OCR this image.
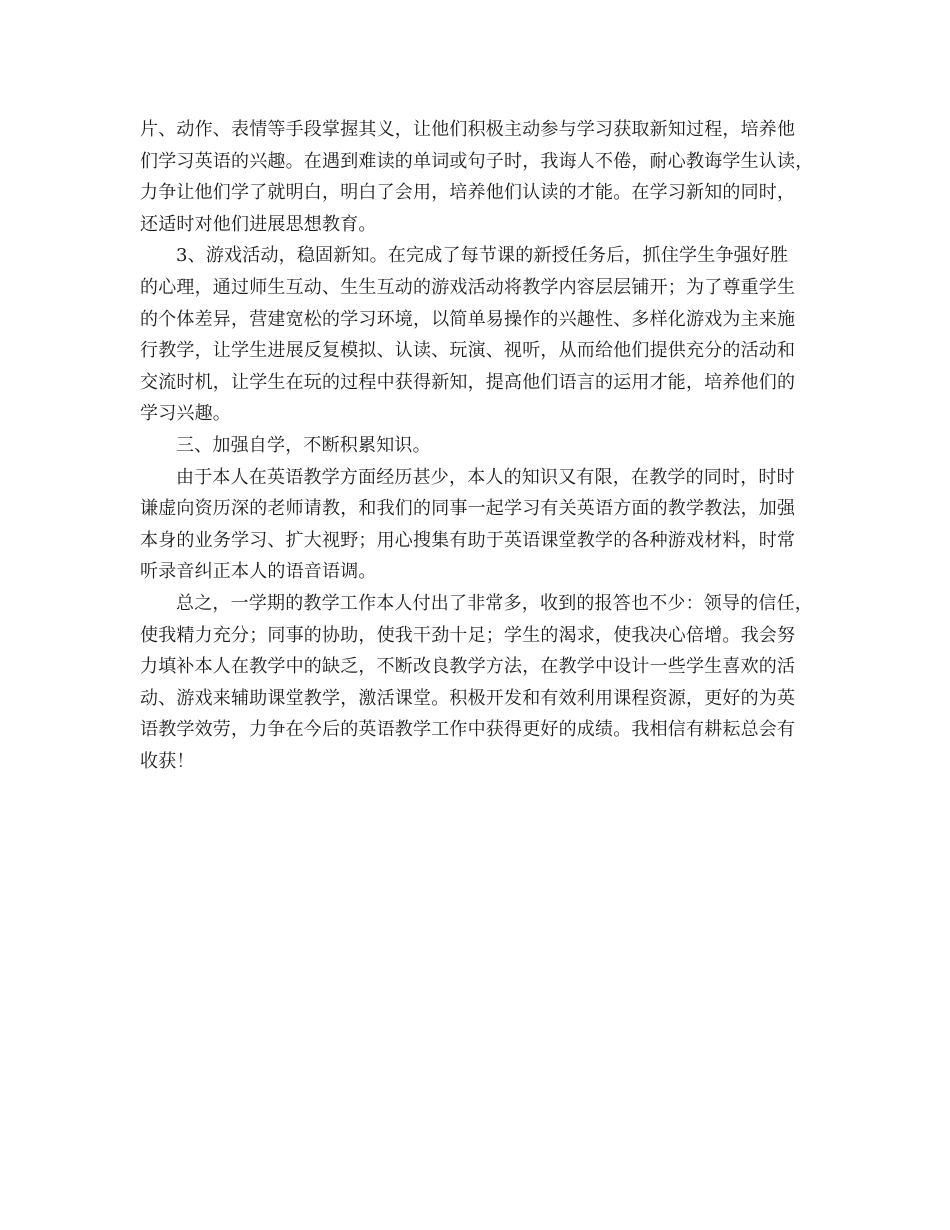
片、动作、表情等手段掌握其义，让他们积极主动参与学习获取新知过程，培养他
们学习英语的兴趣。在遇到难读的单词或句子时，我诲人不倦，耐心教诲学生认读，
力争让他们学了就明白，明白了会用，培养他们认读的才能。在学习新知的同时，
还适时对他们进展思想教育。
3、游戏活动，稳固新知。在完成了每节课的新授任务后，抓住学生争强好胜
的心理，通过师生互动、生生互动的游戏活动将教学内容层层铺开；为了尊重学生
的个体差异，营建宽松的学习环境，以简单易操作的兴趣性、多样化游戏为主来施
行教学，让学生进展反复模拟、认读、玩演、视听，从而给他们提供充分的活动和
交流时机，让学生在玩的过程中获得新知，提高他们语言的运用才能，培养他们的
学习兴趣。
三、加强自学，不断积累知识。
由于本人在英语教学方面经历甚少，本人的知识又有限，在教学的同时，时时
谦虚向资历深的老师请教，和我们的同事一起学习有关英语方面的教学教法，加强
本身的业务学习、扩大视野；用心搜集有助于英语课堂教学的各种游戏材料，时常
听录音纠正本人的语音语调。
总之，一学期的教学工作本人付出了非常多，收到的报答也不少：领导的信任，
使我精力充分；同事的协助，使我干劲十足；学生的渴求，使我决心倍增。我会努
力填补本人在教学中的缺乏，不断改良教学方法，在教学中设计一些学生喜欢的活
动、游戏来辅助课堂教学，激活课堂。积极开发和有效利用课程资源，更好的为英
语教学效劳，力争在今后的英语教学工作中获得更好的成绩。我相信有耕耘总会有
收获！
